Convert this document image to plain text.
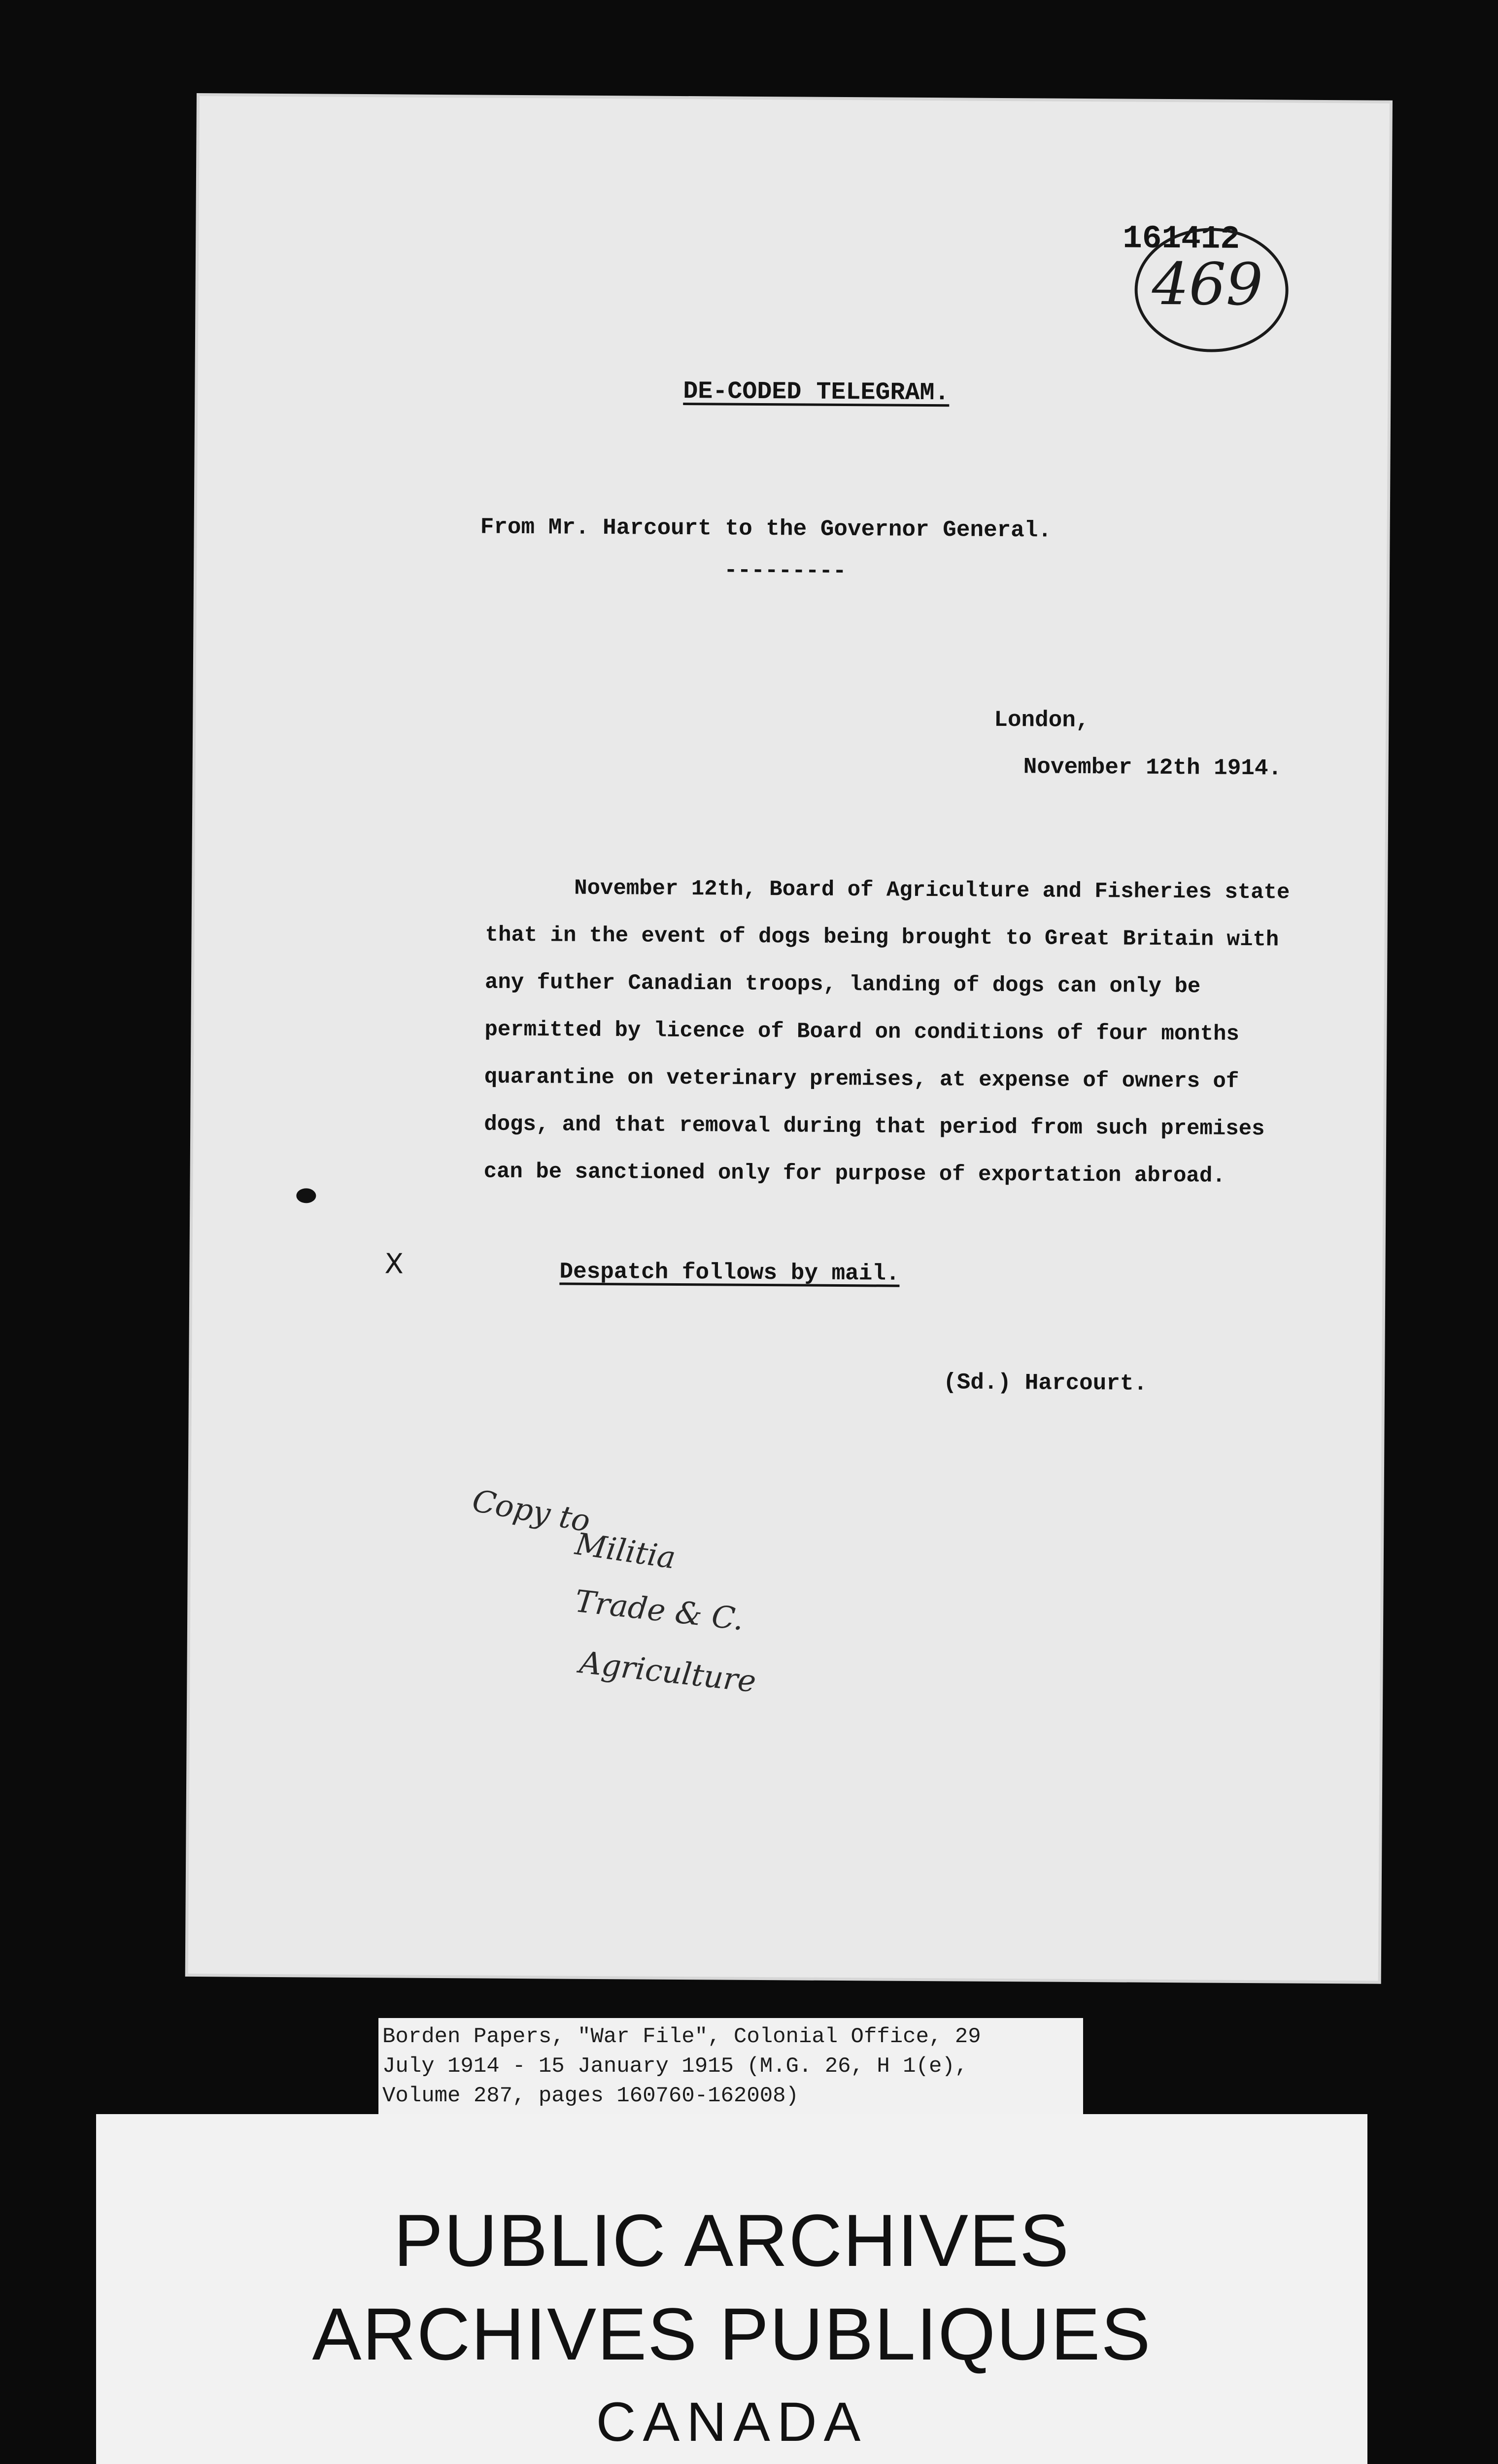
161412
469
DE-CODED TELEGRAM.
From Mr. Harcourt to the Governor General.
---------
London,
November 12th 1914.
November 12th, Board of Agriculture and Fisheries state that in the event of dogs being brought to Great Britain with any futher Canadian troops, landing of dogs can only be permitted by licence of Board on conditions of four months quarantine on veterinary premises, at expense of owners of dogs, and that removal during that period from such premises can be sanctioned only for purpose of exportation abroad.
Despatch follows by mail.
(Sd.) Harcourt.
X
Copy to
Militia
Trade & C.
Agriculture
Borden Papers, "War File", Colonial Office, 29
July 1914 - 15 January 1915 (M.G. 26, H 1(e),
Volume 287, pages 160760-162008)
PUBLIC ARCHIVES
ARCHIVES PUBLIQUES
CANADA
